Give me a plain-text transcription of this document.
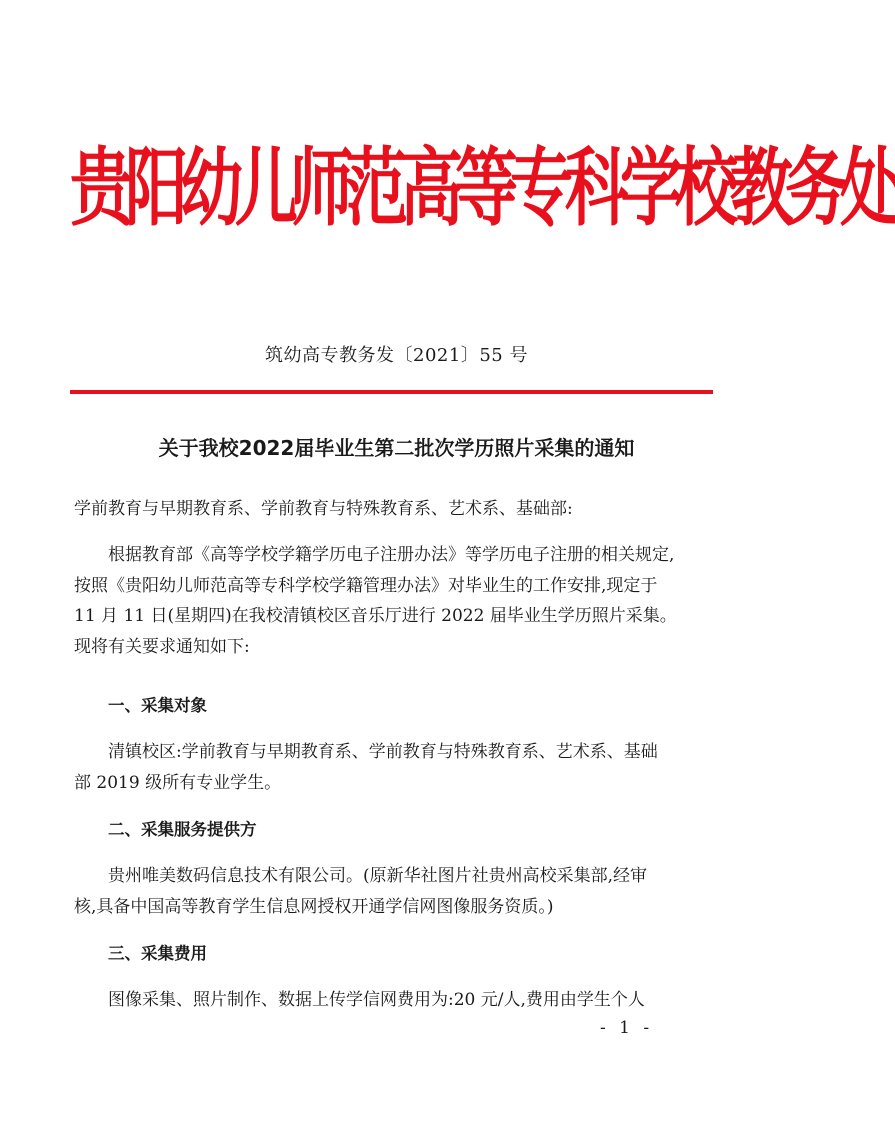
贵阳幼儿师范高等专科学校教务处
筑幼高专教务发〔2021〕55 号
关于我校2022届毕业生第二批次学历照片采集的通知
学前教育与早期教育系、学前教育与特殊教育系、艺术系、基础部:
根据教育部《高等学校学籍学历电子注册办法》等学历电子注册的相关规定,
按照《贵阳幼儿师范高等专科学校学籍管理办法》对毕业生的工作安排,现定于
11 月 11 日(星期四)在我校清镇校区音乐厅进行 2022 届毕业生学历照片采集。
现将有关要求通知如下:
一、采集对象
清镇校区:学前教育与早期教育系、学前教育与特殊教育系、艺术系、基础
部 2019 级所有专业学生。
二、采集服务提供方
贵州唯美数码信息技术有限公司。(原新华社图片社贵州高校采集部,经审
核,具备中国高等教育学生信息网授权开通学信网图像服务资质。)
三、采集费用
图像采集、照片制作、数据上传学信网费用为:20 元/人,费用由学生个人
- 1 -
